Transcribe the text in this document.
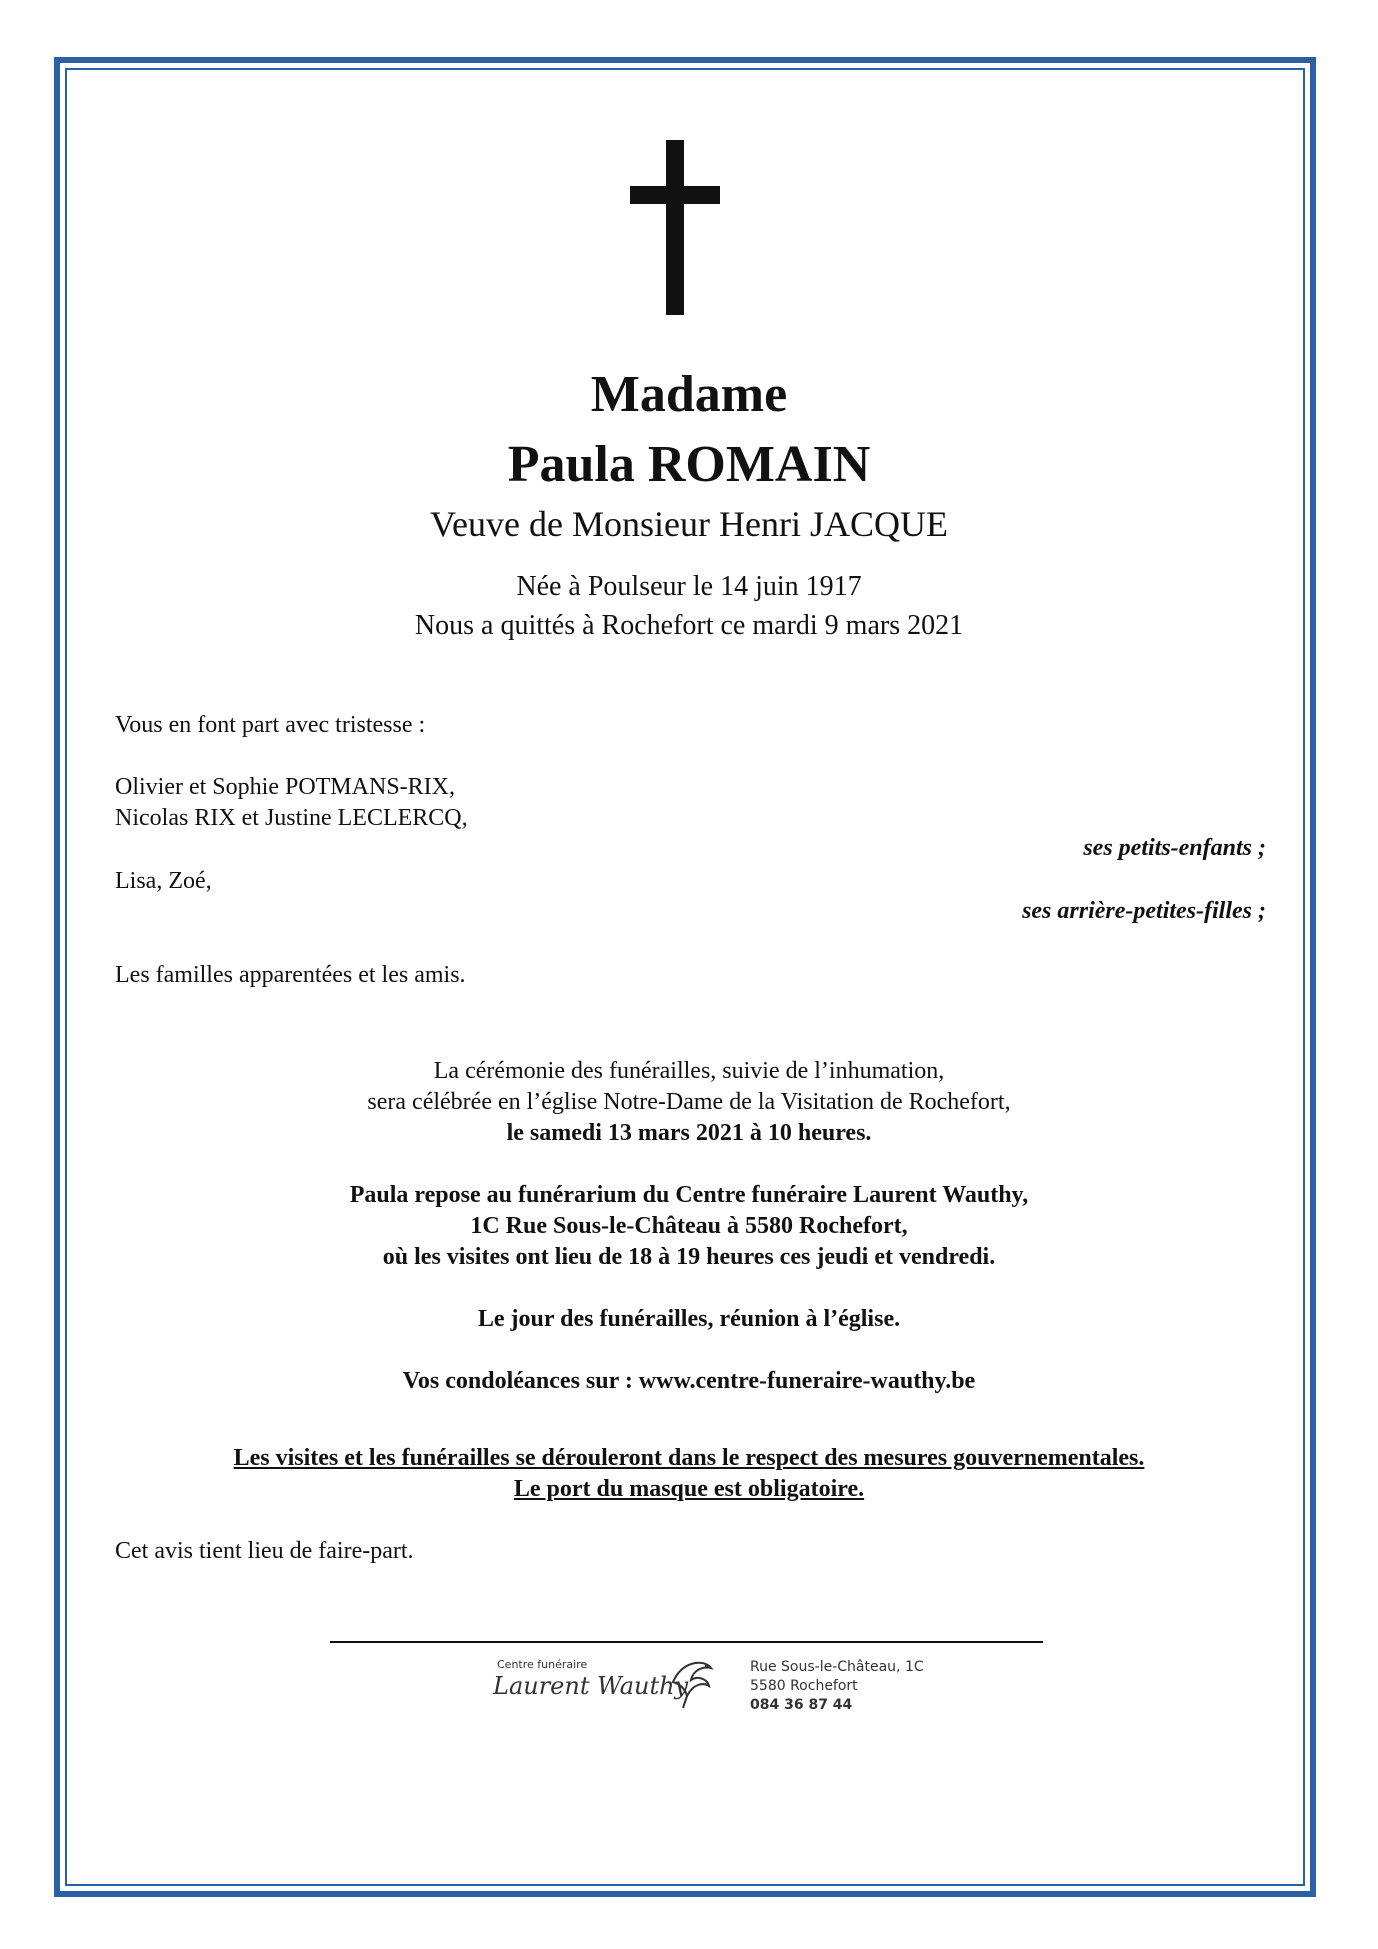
Madame
Paula ROMAIN
Veuve de Monsieur Henri JACQUE
Née à Poulseur le 14 juin 1917
Nous a quittés à Rochefort ce mardi 9 mars 2021
Vous en font part avec tristesse :
Olivier et Sophie POTMANS-RIX,
Nicolas RIX et Justine LECLERCQ,
ses petits-enfants ;
Lisa, Zoé,
ses arrière-petites-filles ;
Les familles apparentées et les amis.
La cérémonie des funérailles, suivie de l’inhumation,
sera célébrée en l’église Notre-Dame de la Visitation de Rochefort,
le samedi 13 mars 2021 à 10 heures.
Paula repose au funérarium du Centre funéraire Laurent Wauthy,
1C Rue Sous-le-Château à 5580 Rochefort,
où les visites ont lieu de 18 à 19 heures ces jeudi et vendredi.
Le jour des funérailles, réunion à l’église.
Vos condoléances sur : www.centre-funeraire-wauthy.be
Les visites et les funérailles se dérouleront dans le respect des mesures gouvernementales.
Le port du masque est obligatoire.
Cet avis tient lieu de faire-part.
Centre funéraire
Laurent Wauthy
Rue Sous-le-Château, 1C
5580 Rochefort
084 36 87 44
